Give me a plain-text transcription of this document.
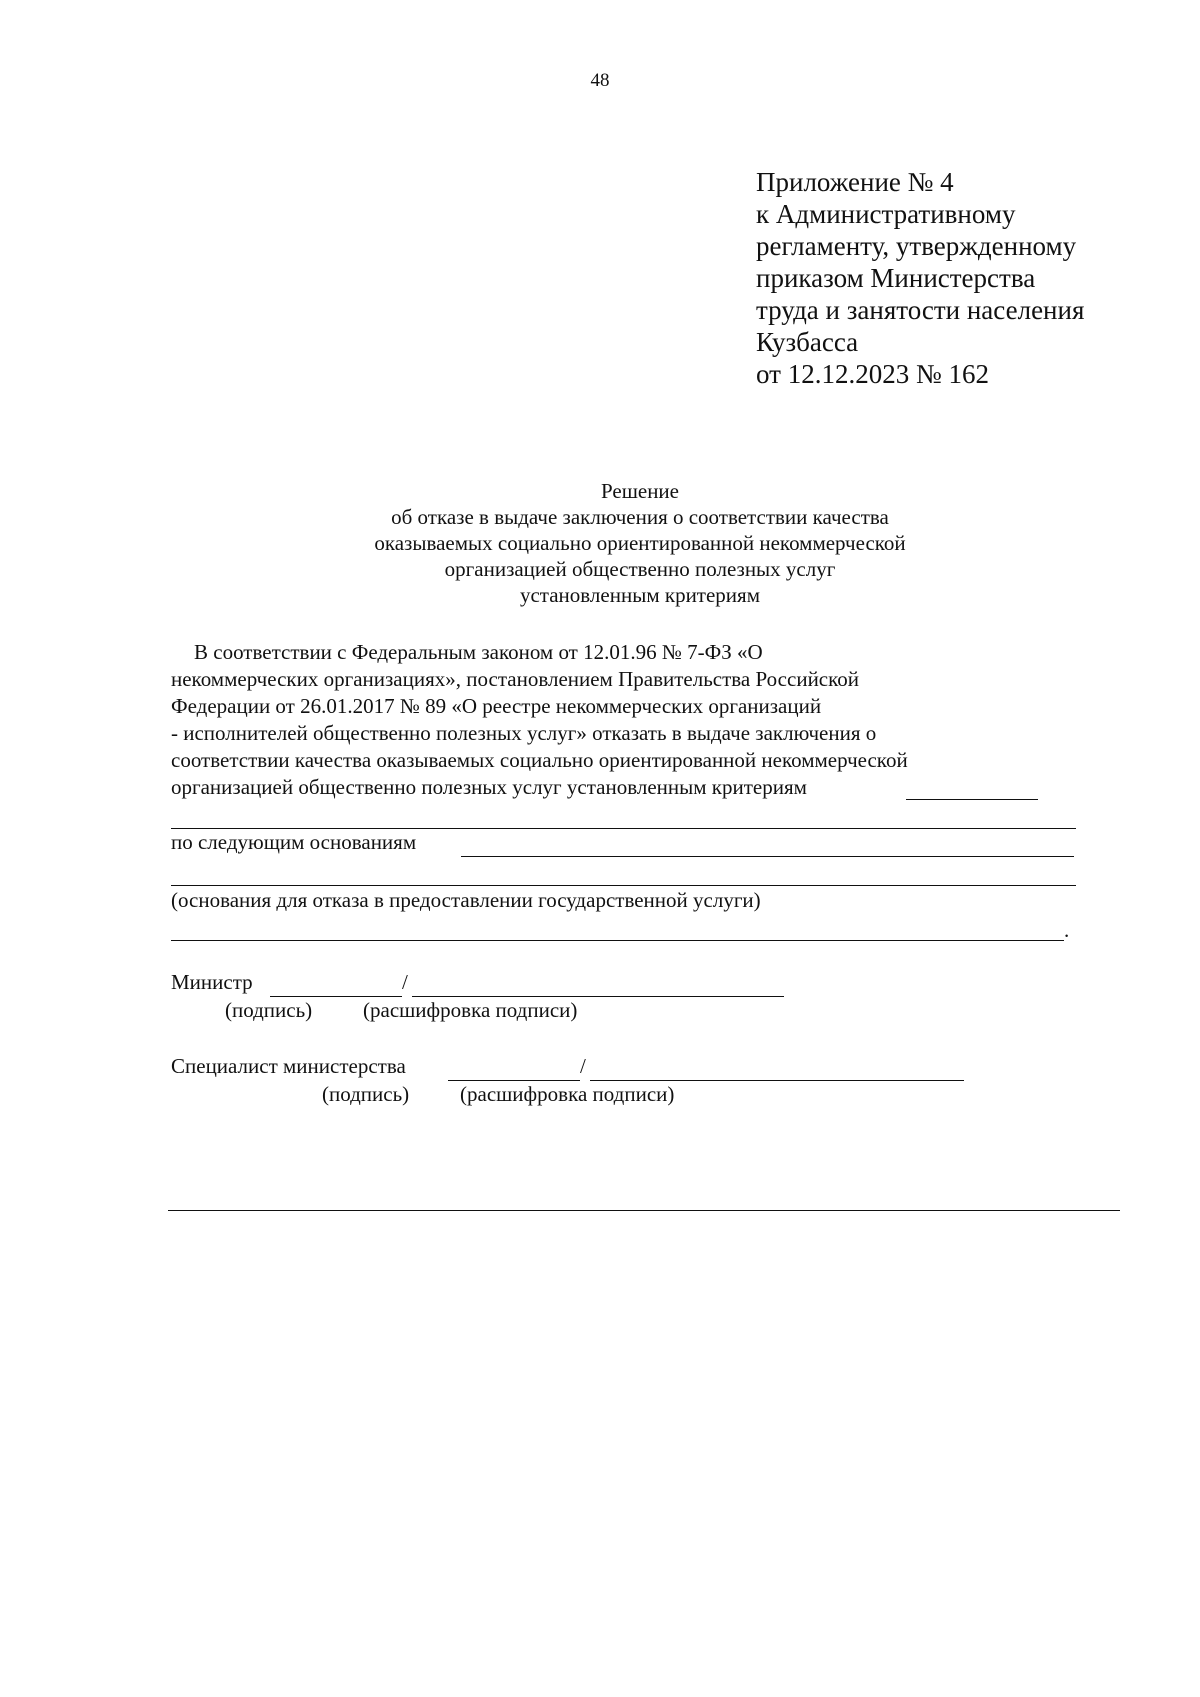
48
Приложение № 4
к Административному
регламенту, утвержденному
приказом Министерства
труда и занятости населения
Кузбасса
от 12.12.2023 № 162
Решение
об отказе в выдаче заключения о соответствии качества
оказываемых социально ориентированной некоммерческой
организацией общественно полезных услуг
установленным критериям
В соответствии с Федеральным законом от 12.01.96 № 7-ФЗ «О
некоммерческих организациях», постановлением Правительства Российской
Федерации от 26.01.2017 № 89 «О реестре некоммерческих организаций
- исполнителей общественно полезных услуг» отказать в выдаче заключения о
соответствии качества оказываемых социально ориентированной некоммерческой
организацией общественно полезных услуг установленным критериям
по следующим основаниям
(основания для отказа в предоставлении государственной услуги)
.
Министр	/
(подпись) (расшифровка подписи)
Специалист министерства	/
(подпись) (расшифровка подписи)
